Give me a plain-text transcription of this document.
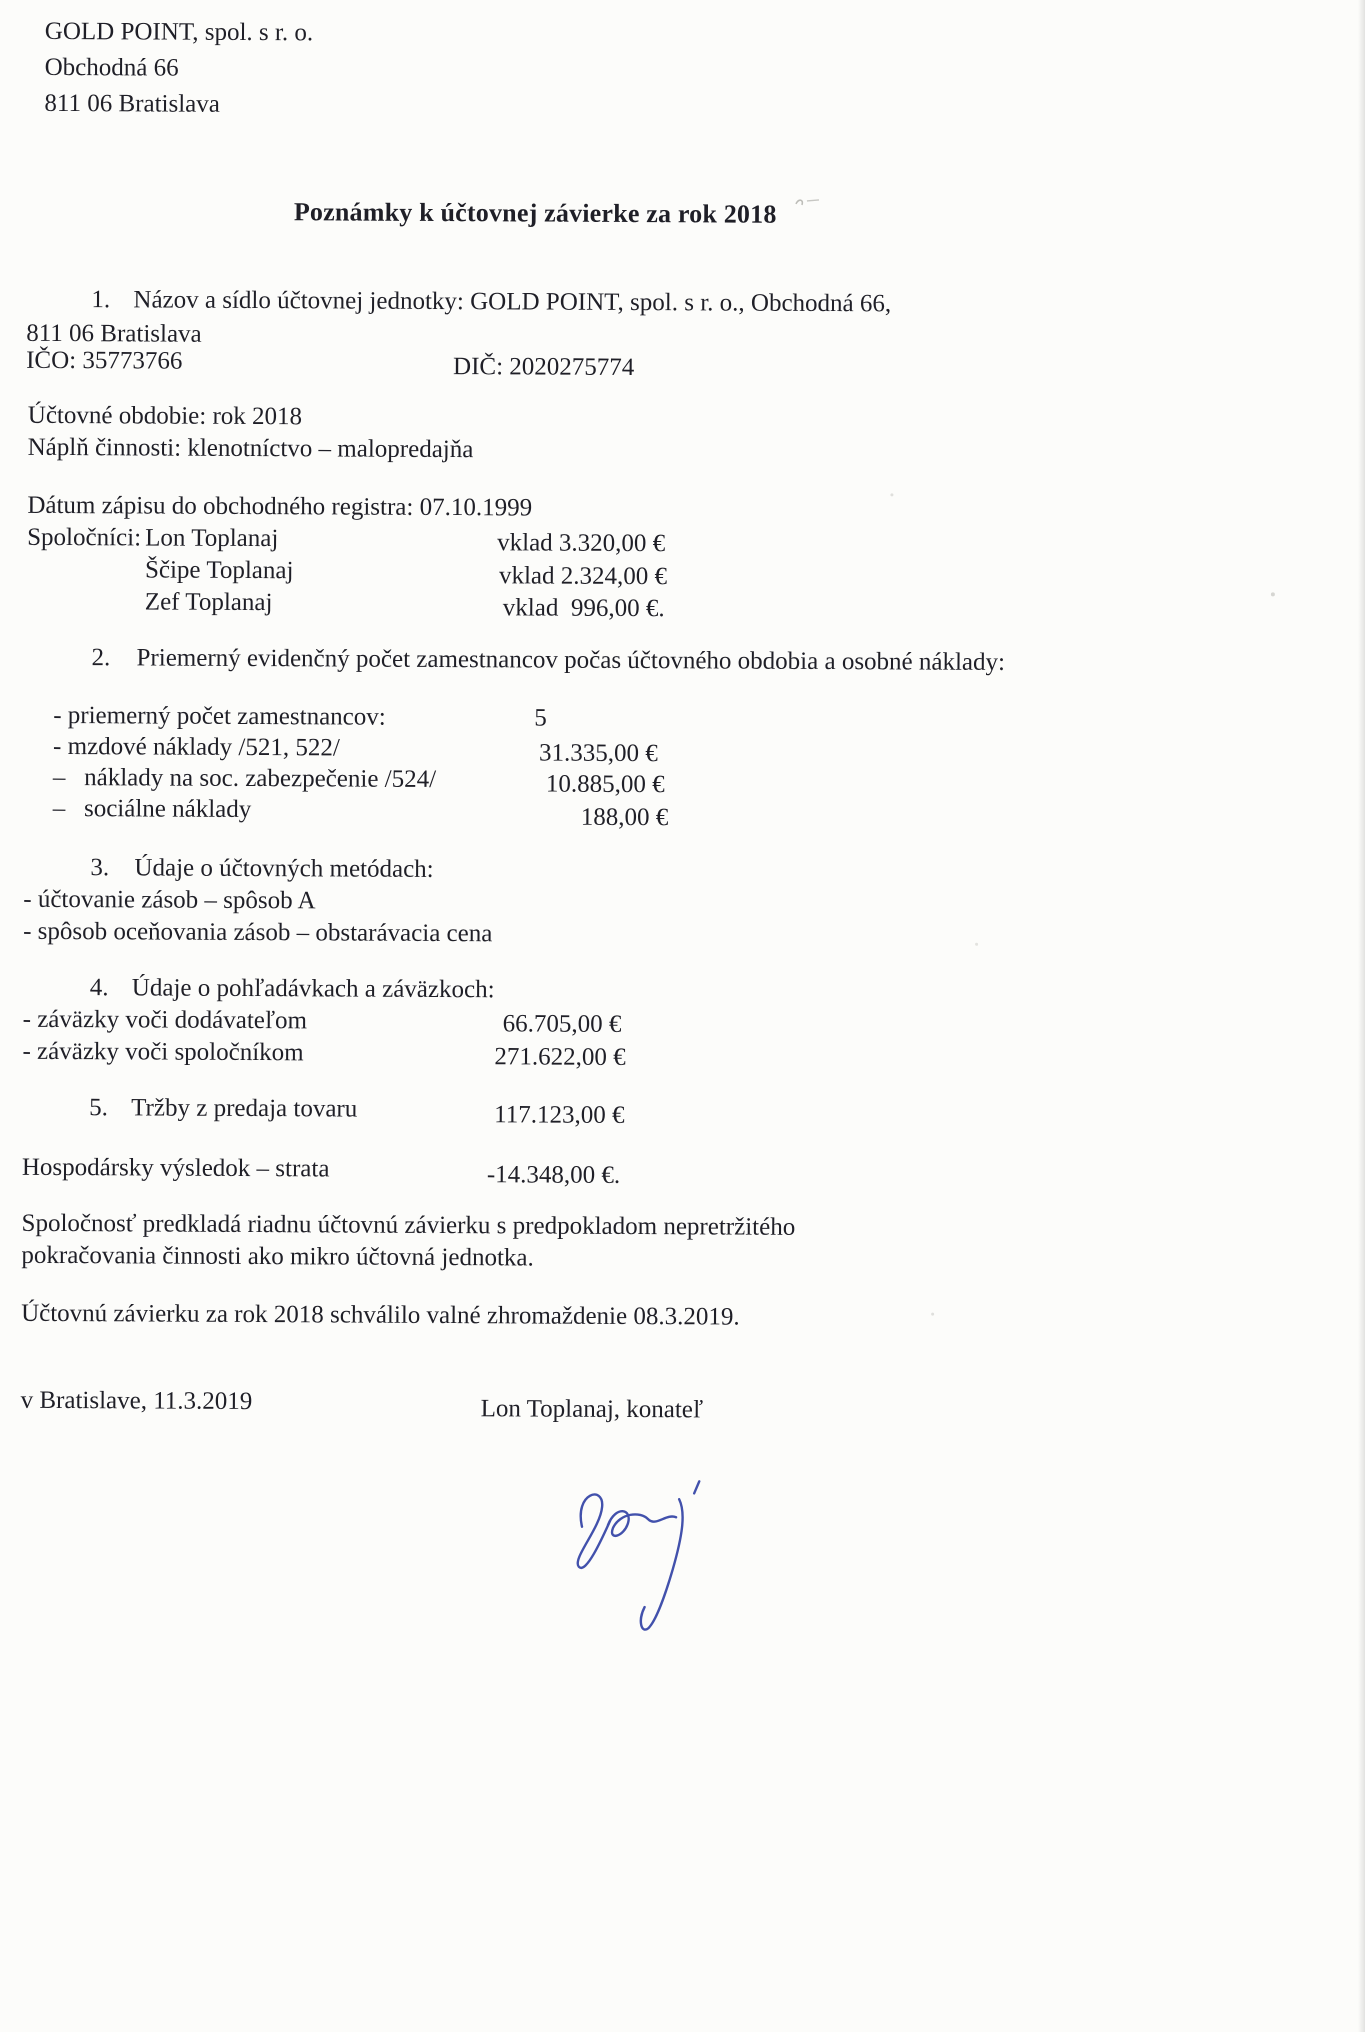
GOLD POINT, spol. s r. o.
Obchodná 66
811 06 Bratislava

Poznámky k účtovnej závierke za rok 2018
1. Názov a sídlo účtovnej jednotky: GOLD POINT, spol. s r. o., Obchodná 66,
811 06 Bratislava
IČO: 35773766	DIČ: 2020275774
Účtovné obdobie: rok 2018
Náplň činnosti: klenotníctvo – malopredajňa
Dátum zápisu do obchodného registra: 07.10.1999
Spoločníci: Lon Toplanaj	vklad 3.320,00 €
Ščipe Toplanaj	vklad 2.324,00 €
Zef Toplanaj	vklad  996,00 €.
2. Priemerný evidenčný počet zamestnancov počas účtovného obdobia a osobné náklady:
- priemerný počet zamestnancov:	5
- mzdové náklady /521, 522/	31.335,00 €
–   náklady na soc. zabezpečenie /524/	10.885,00 €
–   sociálne náklady	188,00 €
3. Údaje o účtovných metódach:
- účtovanie zásob – spôsob A
- spôsob oceňovania zásob – obstarávacia cena
4. Údaje o pohľadávkach a záväzkoch:
- záväzky voči dodávateľom	66.705,00 €
- záväzky voči spoločníkom	271.622,00 €
5. Tržby z predaja tovaru	117.123,00 €
Hospodársky výsledok – strata	-14.348,00 €.
Spoločnosť predkladá riadnu účtovnú závierku s predpokladom nepretržitého
pokračovania činnosti ako mikro účtovná jednotka.
Účtovnú závierku za rok 2018 schválilo valné zhromaždenie 08.3.2019.
v Bratislave, 11.3.2019	Lon Toplanaj, konateľ
